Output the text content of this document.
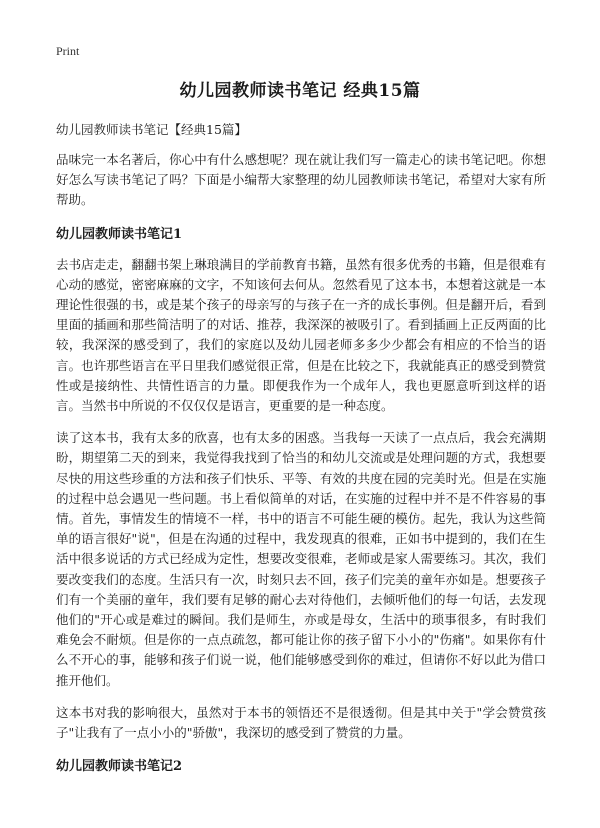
Print
幼儿园教师读书笔记 经典15篇
幼儿园教师读书笔记【经典15篇】

品味完一本名著后，你心中有什么感想呢？现在就让我们写一篇走心的读书笔记吧。你想好怎么写读书笔记了吗？下面是小编帮大家整理的幼儿园教师读书笔记，希望对大家有所帮助。

幼儿园教师读书笔记1

去书店走走，翻翻书架上琳琅满目的学前教育书籍，虽然有很多优秀的书籍，但是很难有心动的感觉，密密麻麻的文字，不知该何去何从。忽然看见了这本书，本想着这就是一本理论性很强的书，或是某个孩子的母亲写的与孩子在一齐的成长事例。但是翻开后，看到里面的插画和那些简洁明了的对话、推荐，我深深的被吸引了。看到插画上正反两面的比较，我深深的感受到了，我们的家庭以及幼儿园老师多多少少都会有相应的不恰当的语言。也许那些语言在平日里我们感觉很正常，但是在比较之下，我就能真正的感受到赞赏性或是接纳性、共情性语言的力量。即便我作为一个成年人，我也更愿意听到这样的语言。当然书中所说的不仅仅仅是语言，更重要的是一种态度。

读了这本书，我有太多的欣喜，也有太多的困惑。当我每一天读了一点点后，我会充满期盼，期望第二天的到来，我觉得我找到了恰当的和幼儿交流或是处理问题的方式，我想要尽快的用这些珍重的方法和孩子们快乐、平等、有效的共度在园的完美时光。但是在实施的过程中总会遇见一些问题。书上看似简单的对话，在实施的过程中并不是不件容易的事情。首先，事情发生的情境不一样，书中的语言不可能生硬的模仿。起先，我认为这些简单的语言很好"说"，但是在沟通的过程中，我发现真的很难，正如书中提到的，我们在生活中很多说话的方式已经成为定性，想要改变很难，老师或是家人需要练习。其次，我们要改变我们的态度。生活只有一次，时刻只去不回，孩子们完美的童年亦如是。想要孩子们有一个美丽的童年，我们要有足够的耐心去对待他们，去倾听他们的每一句话，去发现他们的"开心或是难过的瞬间。我们是师生，亦或是母女，生活中的琐事很多，有时我们难免会不耐烦。但是你的一点点疏忽，都可能让你的孩子留下小小的"伤痛"。如果你有什么不开心的事，能够和孩子们说一说，他们能够感受到你的难过，但请你不好以此为借口推开他们。

这本书对我的影响很大，虽然对于本书的领悟还不是很透彻。但是其中关于"学会赞赏孩子"让我有了一点小小的"骄傲"，我深切的感受到了赞赏的力量。

幼儿园教师读书笔记2
